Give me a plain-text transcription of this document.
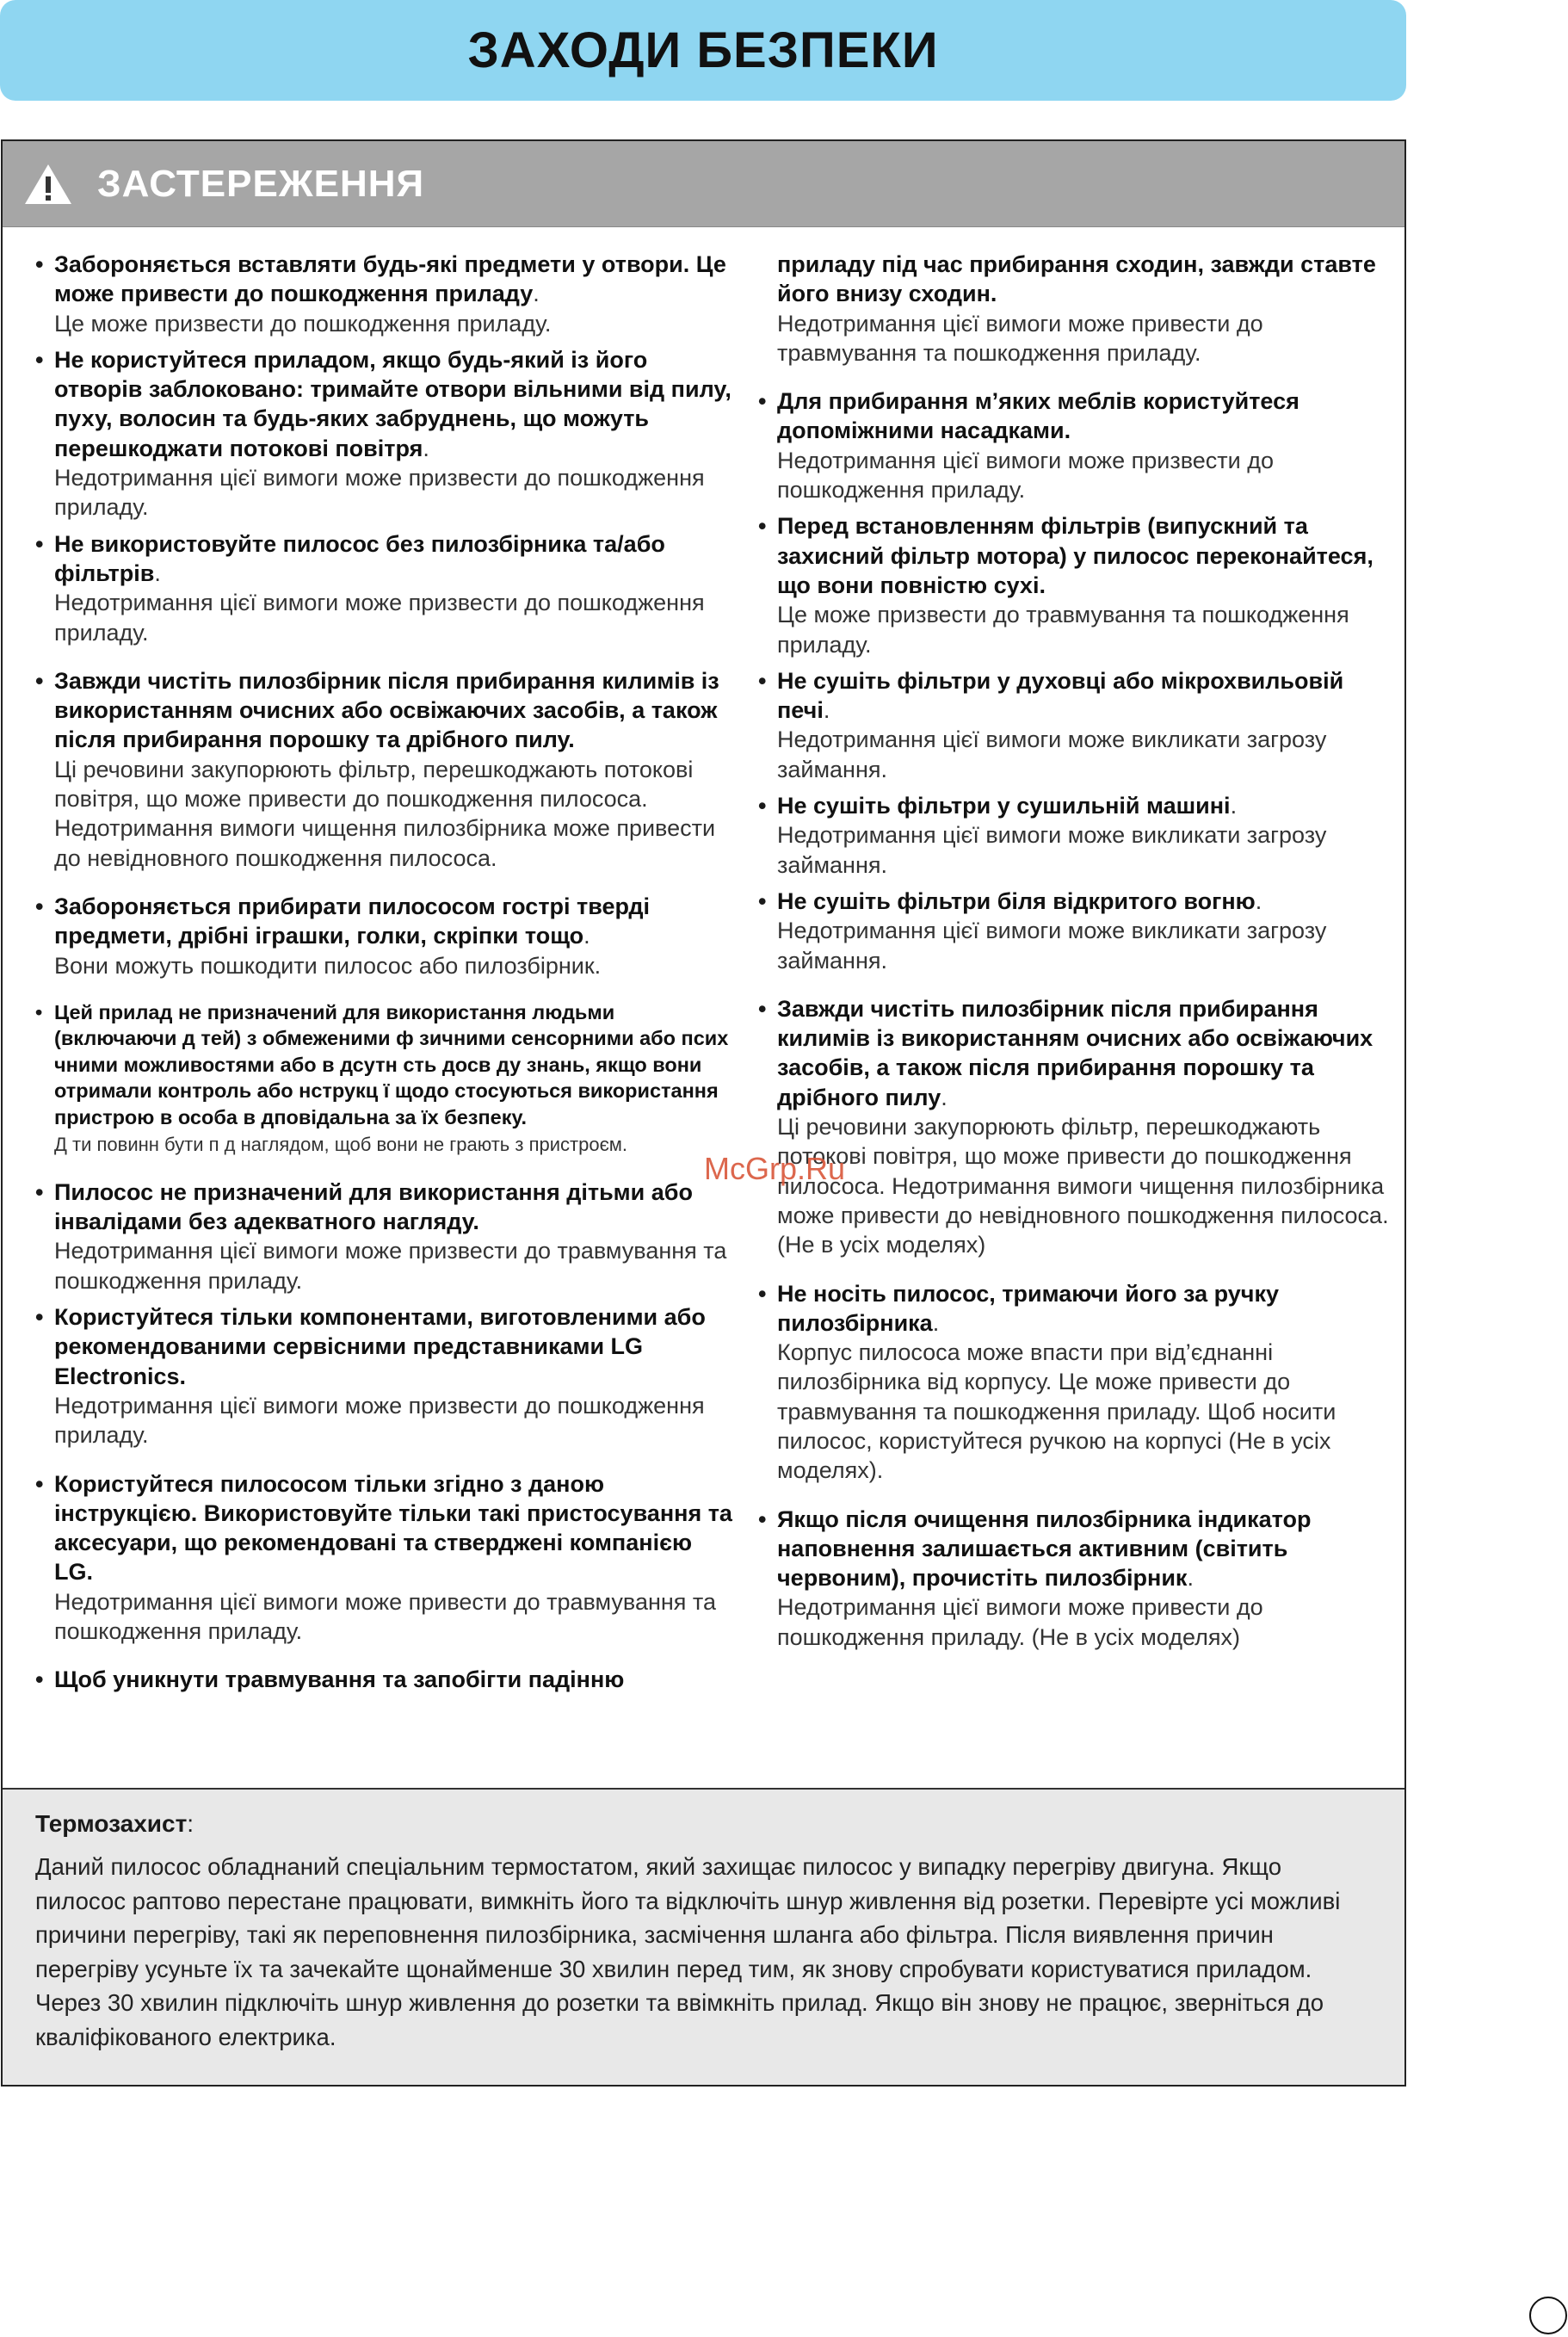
ЗАХОДИ БЕЗПЕКИ
ЗАСТЕРЕЖЕННЯ
• Забороняється вставляти будь-які предмети у отвори. Це може привести до пошкодження приладу.
Це може призвести до пошкодження приладу.
• Не користуйтеся приладом, якщо будь-який із його отворів заблоковано: тримайте отвори вільними від пилу, пуху, волосин та будь-яких забруднень, що можуть перешкоджати потокові повітря.
Недотримання цієї вимоги може призвести до пошкодження приладу.
• Не використовуйте пилосос без пилозбірника та/або фільтрів.
Недотримання цієї вимоги може призвести до пошкодження приладу.
• Завжди чистіть пилозбірник після прибирання килимів із використанням очисних або освіжаючих засобів, а також після прибирання порошку та дрібного пилу.
Ці речовини закупорюють фільтр, перешкоджають потокові повітря, що може привести до пошкодження пилососа. Недотримання вимоги чищення пилозбірника може привести до невідновного пошкодження пилососа.
• Забороняється прибирати пилососом гострі тверді предмети, дрібні іграшки, голки, скріпки тощо.
Вони можуть пошкодити пилосос або пилозбірник.
• Цей прилад не призначений для використання людьми (включаючи д тей) з обмеженими ф зичними сенсорними або псих чними можливостями або в дсутн сть досв ду знань, якщо вони отримали контроль або нструкц ї щодо стосуються використання пристрою в особа в дповідальна за їх безпеку.
Д ти повинн бути п д наглядом, щоб вони не грають з пристроєм.
• Пилосос не призначений для використання дітьми або інвалідами без адекватного нагляду.
Недотримання цієї вимоги може призвести до травмування та пошкодження приладу.
• Користуйтеся тільки компонентами, виготовленими або рекомендованими сервісними представниками LG Electronics.
Недотримання цієї вимоги може призвести до пошкодження приладу.
• Користуйтеся пилососом тільки згідно з даною інструкцією. Використовуйте тільки такі пристосування та аксесуари, що рекомендовані та стверджені компанією LG.
Недотримання цієї вимоги може привести до травмування та пошкодження приладу.
• Щоб уникнути травмування та запобігти падінню
приладу під час прибирання сходин, завжди ставте його внизу сходин.
Недотримання цієї вимоги може привести до травмування та пошкодження приладу.
• Для прибирання м’яких меблів користуйтеся допоміжними насадками.
Недотримання цієї вимоги може призвести до пошкодження приладу.
• Перед встановленням фільтрів (випускний та захисний фільтр мотора) у пилосос переконайтеся, що вони повністю сухі.
Це може призвести до травмування та пошкодження приладу.
• Не сушіть фільтри у духовці або мікрохвильовій печі.
Недотримання цієї вимоги може викликати загрозу займання.
• Не сушіть фільтри у сушильній машині.
Недотримання цієї вимоги може викликати загрозу займання.
• Не сушіть фільтри біля відкритого вогню.
Недотримання цієї вимоги може викликати загрозу займання.
• Завжди чистіть пилозбірник після прибирання килимів із використанням очисних або освіжаючих засобів, а також після прибирання порошку та дрібного пилу.
Ці речовини закупорюють фільтр, перешкоджають потокові повітря, що може привести до пошкодження пилососа. Недотримання вимоги чищення пилозбірника може привести до невідновного пошкодження пилососа. (Не в усіх моделях)
• Не носіть пилосос, тримаючи його за ручку пилозбірника.
Корпус пилососа може впасти при від’єднанні пилозбірника від корпусу. Це може привести до травмування та пошкодження приладу. Щоб носити пилосос, користуйтеся ручкою на корпусі (Не в усіх моделях).
• Якщо після очищення пилозбірника індикатор наповнення залишається активним (світить червоним), прочистіть пилозбірник.
Недотримання цієї вимоги може привести до пошкодження приладу. (Не в усіх моделях)
Термозахист:

Даний пилосос обладнаний спеціальним термостатом, який захищає пилосос у випадку перегріву двигуна. Якщо пилосос раптово перестане працювати, вимкніть його та відключіть шнур живлення від розетки. Перевірте усі можливі причини перегріву, такі як переповнення пилозбірника, засмічення шланга або фільтра. Після виявлення причин перегріву усуньте їх та зачекайте щонайменше 30 хвилин перед тим, як знову спробувати користуватися приладом. Через 30 хвилин підключіть шнур живлення до розетки та ввімкніть прилад. Якщо він знову не працює, зверніться до кваліфікованого електрика.

McGrp.Ru
